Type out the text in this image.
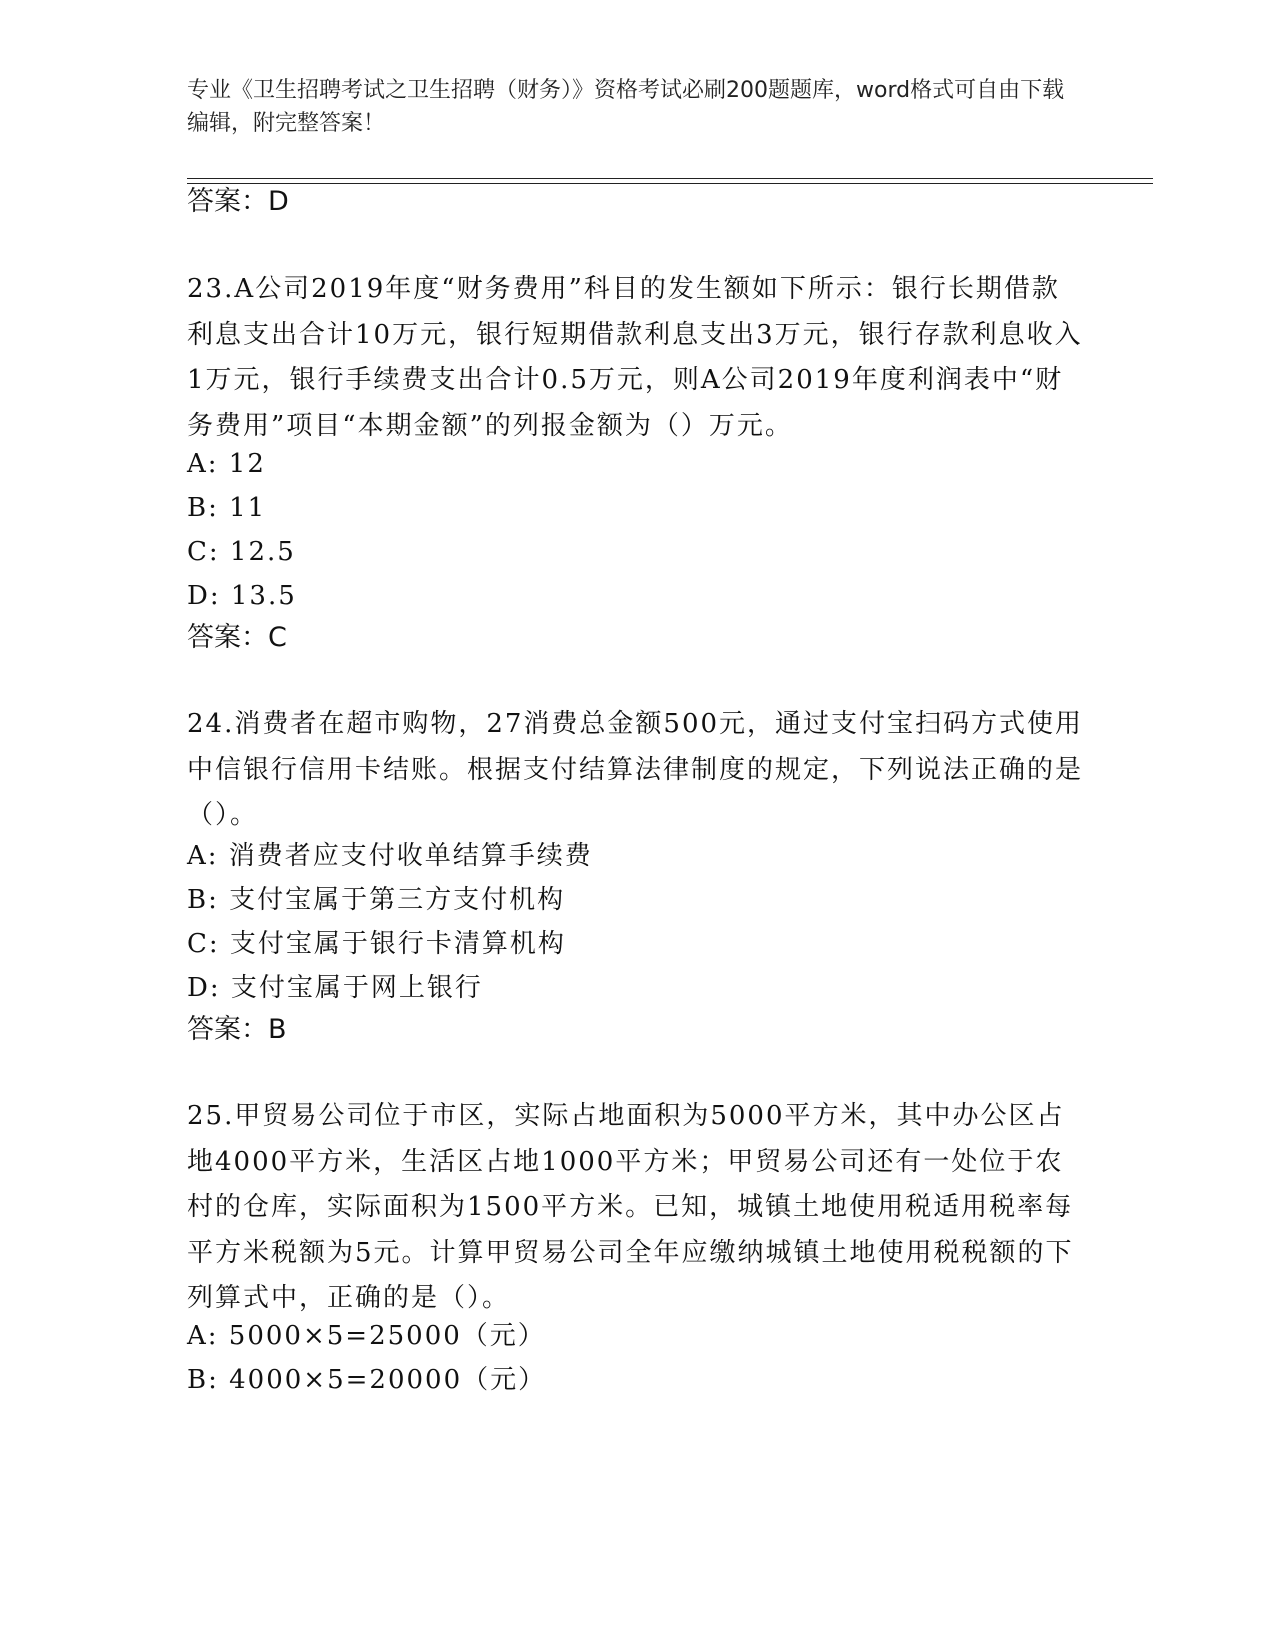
专业《卫生招聘考试之卫生招聘（财务）》资格考试必刷200题题库，word格式可自由下载编辑，附完整答案！
答案：D
23.A公司2019年度“财务费用”科目的发生额如下所示：银行长期借款利息支出合计10万元，银行短期借款利息支出3万元，银行存款利息收入1万元，银行手续费支出合计0.5万元，则A公司2019年度利润表中“财务费用”项目“本期金额”的列报金额为（）万元。
A: 12
B: 11
C: 12.5
D: 13.5
答案：C
24.消费者在超市购物，27消费总金额500元，通过支付宝扫码方式使用中信银行信用卡结账。根据支付结算法律制度的规定，下列说法正确的是（）。
A: 消费者应支付收单结算手续费
B: 支付宝属于第三方支付机构
C: 支付宝属于银行卡清算机构
D: 支付宝属于网上银行
答案：B
25.甲贸易公司位于市区，实际占地面积为5000平方米，其中办公区占地4000平方米，生活区占地1000平方米；甲贸易公司还有一处位于农村的仓库，实际面积为1500平方米。已知，城镇土地使用税适用税率每平方米税额为5元。计算甲贸易公司全年应缴纳城镇土地使用税税额的下列算式中，正确的是（）。
A: 5000×5=25000（元）
B: 4000×5=20000（元）
